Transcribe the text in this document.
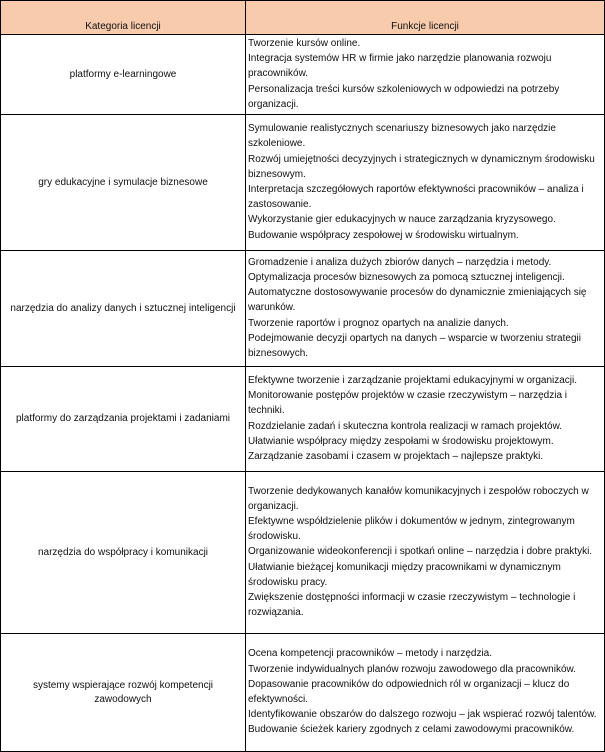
Kategoria licencji	Funkcje licencji
platformy e-learningowe	Tworzenie kursów online.
Integracja systemów HR w firmie jako narzędzie planowania rozwoju pracowników.
Personalizacja treści kursów szkoleniowych w odpowiedzi na potrzeby organizacji.

gry edukacyjne i symulacje biznesowe	Symulowanie realistycznych scenariuszy biznesowych jako narzędzie szkoleniowe.
Rozwój umiejętności decyzyjnych i strategicznych w dynamicznym środowisku biznesowym.
Interpretacja szczegółowych raportów efektywności pracowników – analiza i zastosowanie.
Wykorzystanie gier edukacyjnych w nauce zarządzania kryzysowego.
Budowanie współpracy zespołowej w środowisku wirtualnym.

narzędzia do analizy danych i sztucznej inteligencji	Gromadzenie i analiza dużych zbiorów danych – narzędzia i metody.
Optymalizacja procesów biznesowych za pomocą sztucznej inteligencji.
Automatyczne dostosowywanie procesów do dynamicznie zmieniających się warunków.
Tworzenie raportów i prognoz opartych na analizie danych.
Podejmowanie decyzji opartych na danych – wsparcie w tworzeniu strategii biznesowych.

platformy do zarządzania projektami i zadaniami	Efektywne tworzenie i zarządzanie projektami edukacyjnymi w organizacji.
Monitorowanie postępów projektów w czasie rzeczywistym – narzędzia i techniki.
Rozdzielanie zadań i skuteczna kontrola realizacji w ramach projektów.
Ułatwianie współpracy między zespołami w środowisku projektowym.
Zarządzanie zasobami i czasem w projektach – najlepsze praktyki.

narzędzia do współpracy i komunikacji	Tworzenie dedykowanych kanałów komunikacyjnych i zespołów roboczych w organizacji.
Efektywne współdzielenie plików i dokumentów w jednym, zintegrowanym środowisku.
Organizowanie wideokonferencji i spotkań online – narzędzia i dobre praktyki.
Ułatwianie bieżącej komunikacji między pracownikami w dynamicznym środowisku pracy.
Zwiększenie dostępności informacji w czasie rzeczywistym – technologie i rozwiązania.

systemy wspierające rozwój kompetencji zawodowych	Ocena kompetencji pracowników – metody i narzędzia.
Tworzenie indywidualnych planów rozwoju zawodowego dla pracowników.
Dopasowanie pracowników do odpowiednich ról w organizacji – klucz do efektywności.
Identyfikowanie obszarów do dalszego rozwoju – jak wspierać rozwój talentów.
Budowanie ścieżek kariery zgodnych z celami zawodowymi pracowników.
